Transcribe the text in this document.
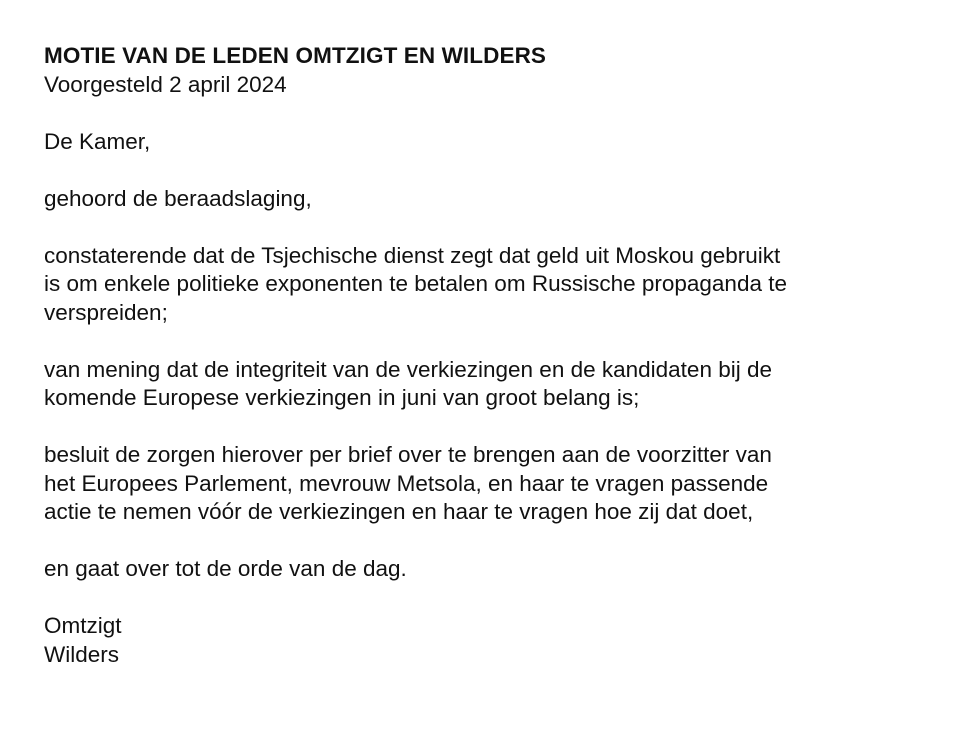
MOTIE VAN DE LEDEN OMTZIGT EN WILDERS
Voorgesteld 2 april 2024

De Kamer,

gehoord de beraadslaging,

constaterende dat de Tsjechische dienst zegt dat geld uit Moskou gebruikt
is om enkele politieke exponenten te betalen om Russische propaganda te
verspreiden;

van mening dat de integriteit van de verkiezingen en de kandidaten bij de
komende Europese verkiezingen in juni van groot belang is;

besluit de zorgen hierover per brief over te brengen aan de voorzitter van
het Europees Parlement, mevrouw Metsola, en haar te vragen passende
actie te nemen vóór de verkiezingen en haar te vragen hoe zij dat doet,

en gaat over tot de orde van de dag.

Omtzigt
Wilders
